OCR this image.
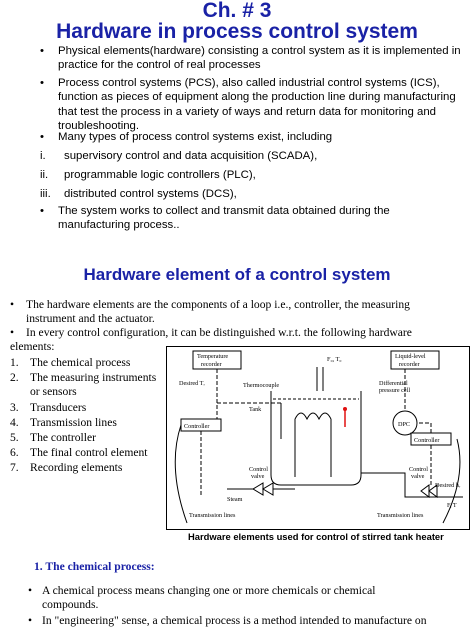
Ch. # 3
Hardware in process control system
• Physical elements(hardware) consisting a control system as it is implemented in
practice for the control of real processes
• Process control systems (PCS), also called industrial control systems (ICS),
function as pieces of equipment along the production line during manufacturing
that test the process in a variety of ways and return data for monitoring and
troubleshooting.
• Many types of process control systems exist, including
i. supervisory control and data acquisition (SCADA),
ii. programmable logic controllers (PLC),
iii. distributed control systems (DCS),
• The system works to collect and transmit data obtained during the
manufacturing process..
Hardware element of a control system
• The hardware elements are the components of a loop i.e., controller, the measuring
instrument and the actuator.
• In every control configuration, it can be distinguished w.r.t. the following hardware
elements:
1. The chemical process
2. The measuring instruments
or sensors
3. Transducers
4. Transmission lines
5. The controller
6. The final control element
7. Recording elements
Temperature
recorder
Liquid-level
recorder
F₀, T₀
Desired Tᵣ	Thermocouple	Differential
pressure cell
Tank
DPC
Controller
Controller
Control
valve
Control
valve
Steam
Desired hᵣ
F, T
Transmission lines	Transmission lines
Hardware elements used for control of stirred tank heater
1. The chemical process:
• A chemical process means changing one or more chemicals or chemical
compounds.
• In "engineering" sense, a chemical process is a method intended to manufacture on
